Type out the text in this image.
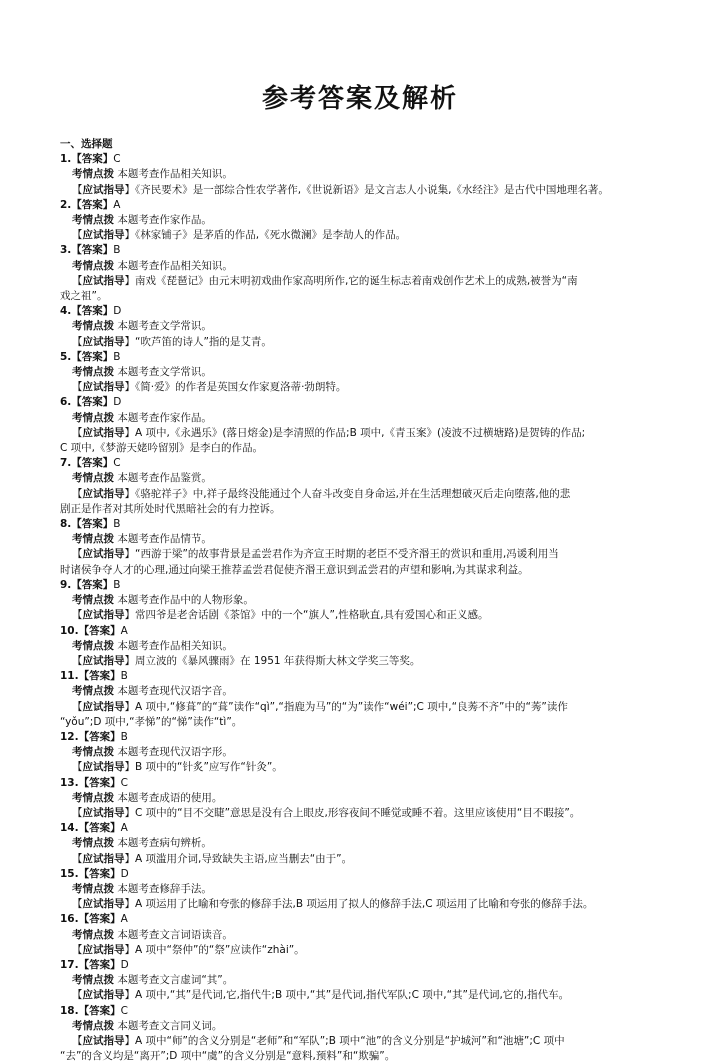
参考答案及解析
一、选择题
1.【答案】C
考情点拨 本题考查作品相关知识。
【应试指导】《齐民要术》是一部综合性农学著作,《世说新语》是文言志人小说集,《水经注》是古代中国地理名著。
2.【答案】A
考情点拨 本题考查作家作品。
【应试指导】《林家铺子》是茅盾的作品,《死水微澜》是李劼人的作品。
3.【答案】B
考情点拨 本题考查作品相关知识。
【应试指导】南戏《琵琶记》由元末明初戏曲作家高明所作,它的诞生标志着南戏创作艺术上的成熟,被誉为“南
戏之祖”。
4.【答案】D
考情点拨 本题考查文学常识。
【应试指导】“吹芦笛的诗人”指的是艾青。
5.【答案】B
考情点拨 本题考查文学常识。
【应试指导】《简·爱》的作者是英国女作家夏洛蒂·勃朗特。
6.【答案】D
考情点拨 本题考查作家作品。
【应试指导】A 项中,《永遇乐》(落日熔金)是李清照的作品;B 项中,《青玉案》(凌波不过横塘路)是贺铸的作品;
C 项中,《梦游天姥吟留别》是李白的作品。
7.【答案】C
考情点拨 本题考查作品鉴赏。
【应试指导】《骆驼祥子》中,祥子最终没能通过个人奋斗改变自身命运,并在生活理想破灭后走向堕落,他的悲
剧正是作者对其所处时代黑暗社会的有力控诉。
8.【答案】B
考情点拨 本题考查作品情节。
【应试指导】“西游于梁”的故事背景是孟尝君作为齐宣王时期的老臣不受齐湣王的赏识和重用,冯谖利用当
时诸侯争夺人才的心理,通过向梁王推荐孟尝君促使齐湣王意识到孟尝君的声望和影响,为其谋求利益。
9.【答案】B
考情点拨 本题考查作品中的人物形象。
【应试指导】常四爷是老舍话剧《茶馆》中的一个“旗人”,性格耿直,具有爱国心和正义感。
10.【答案】A
考情点拨 本题考查作品相关知识。
【应试指导】周立波的《暴风骤雨》在 1951 年获得斯大林文学奖三等奖。
11.【答案】B
考情点拨 本题考查现代汉语字音。
【应试指导】A 项中,“修葺”的“葺”读作“qì”,“指鹿为马”的“为”读作“wéi”;C 项中,“良莠不齐”中的“莠”读作
“yǒu”;D 项中,“孝悌”的“悌”读作“tì”。
12.【答案】B
考情点拨 本题考查现代汉语字形。
【应试指导】B 项中的“针炙”应写作“针灸”。
13.【答案】C
考情点拨 本题考查成语的使用。
【应试指导】C 项中的“目不交睫”意思是没有合上眼皮,形容夜间不睡觉或睡不着。这里应该使用“目不暇接”。
14.【答案】A
考情点拨 本题考查病句辨析。
【应试指导】A 项滥用介词,导致缺失主语,应当删去“由于”。
15.【答案】D
考情点拨 本题考查修辞手法。
【应试指导】A 项运用了比喻和夸张的修辞手法,B 项运用了拟人的修辞手法,C 项运用了比喻和夸张的修辞手法。
16.【答案】A
考情点拨 本题考查文言词语读音。
【应试指导】A 项中“祭仲”的“祭”应读作“zhài”。
17.【答案】D
考情点拨 本题考查文言虚词“其”。
【应试指导】A 项中,“其”是代词,它,指代牛;B 项中,“其”是代词,指代军队;C 项中,“其”是代词,它的,指代车。
18.【答案】C
考情点拨 本题考查文言同义词。
【应试指导】A 项中“师”的含义分别是“老师”和“军队”;B 项中“池”的含义分别是“护城河”和“池塘”;C 项中
“去”的含义均是“离开”;D 项中“虞”的含义分别是“意料,预料”和“欺骗”。
